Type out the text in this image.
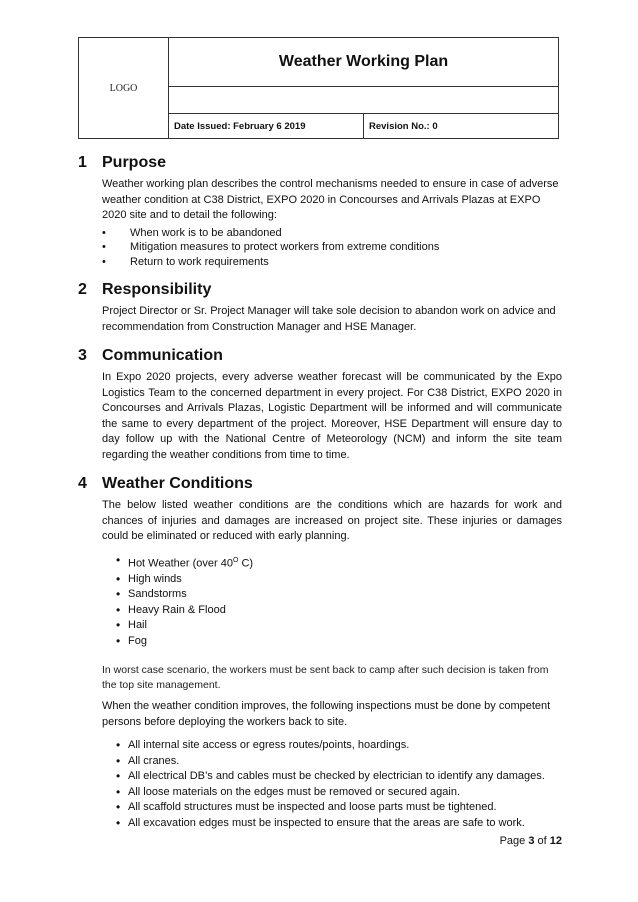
LOGO	Weather Working Plan	

	Date Issued: February 6 2019	Revision No.: 0
1 Purpose

Weather working plan describes the control mechanisms needed to ensure in case of adverse weather condition at C38 District, EXPO 2020 in Concourses and Arrivals Plazas at EXPO 2020 site and to detail the following:

•	When work is to be abandoned
•	Mitigation measures to protect workers from extreme conditions
•	Return to work requirements
2 Responsibility

Project Director or Sr. Project Manager will take sole decision to abandon work on advice and recommendation from Construction Manager and HSE Manager.

3 Communication

In Expo 2020 projects, every adverse weather forecast will be communicated by the Expo Logistics Team to the concerned department in every project. For C38 District, EXPO 2020 in Concourses and Arrivals Plazas, Logistic Department will be informed and will communicate the same to every department of the project. Moreover, HSE Department will ensure day to day follow up with the National Centre of Meteorology (NCM) and inform the site team regarding the weather conditions from time to time.

4 Weather Conditions

The below listed weather conditions are the conditions which are hazards for work and chances of injuries and damages are increased on project site. These injuries or damages could be eliminated or reduced with early planning.

• Hot Weather (over $40^O$ C)
• High winds
• Sandstorms
• Heavy Rain & Flood
• Hail
• Fog

In worst case scenario, the workers must be sent back to camp after such decision is taken from the top site management.

When the weather condition improves, the following inspections must be done by competent persons before deploying the workers back to site.

• All internal site access or egress routes/points, hoardings.
• All cranes.
• All electrical DB’s and cables must be checked by electrician to identify any damages.
• All loose materials on the edges must be removed or secured again.
• All scaffold structures must be inspected and loose parts must be tightened.
• All excavation edges must be inspected to ensure that the areas are safe to work.
Page 3 of 12
